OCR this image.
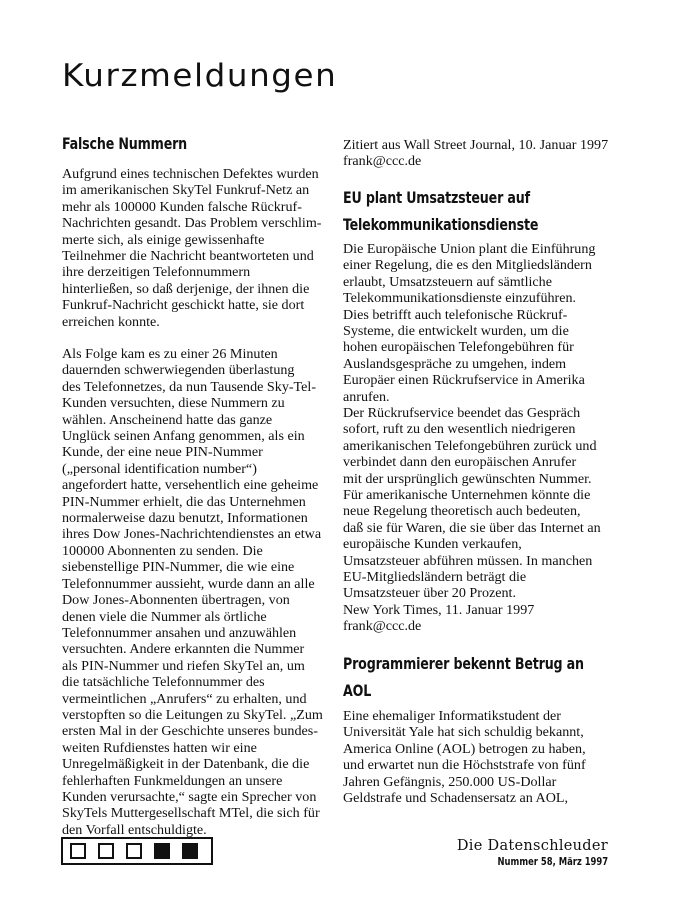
Kurzmeldungen
Falsche Nummern
Aufgrund eines technischen Defektes wurden
im amerikanischen SkyTel Funkruf-Netz an
mehr als 100000 Kunden falsche Rückruf-
Nachrichten gesandt. Das Problem verschlim-
merte sich, als einige gewissenhafte
Teilnehmer die Nachricht beantworteten und
ihre derzeitigen Telefonnummern
hinterließen, so daß derjenige, der ihnen die
Funkruf-Nachricht geschickt hatte, sie dort
erreichen konnte.
Als Folge kam es zu einer 26 Minuten
dauernden schwerwiegenden überlastung
des Telefonnetzes, da nun Tausende Sky-Tel-
Kunden versuchten, diese Nummern zu
wählen. Anscheinend hatte das ganze
Unglück seinen Anfang genommen, als ein
Kunde, der eine neue PIN-Nummer
(„personal identification number“)
angefordert hatte, versehentlich eine geheime
PIN-Nummer erhielt, die das Unternehmen
normalerweise dazu benutzt, Informationen
ihres Dow Jones-Nachrichtendienstes an etwa
100000 Abonnenten zu senden. Die
siebenstellige PIN-Nummer, die wie eine
Telefonnummer aussieht, wurde dann an alle
Dow Jones-Abonnenten übertragen, von
denen viele die Nummer als örtliche
Telefonnummer ansahen und anzuwählen
versuchten. Andere erkannten die Nummer
als PIN-Nummer und riefen SkyTel an, um
die tatsächliche Telefonnummer des
vermeintlichen „Anrufers“ zu erhalten, und
verstopften so die Leitungen zu SkyTel. „Zum
ersten Mal in der Geschichte unseres bundes-
weiten Rufdienstes hatten wir eine
Unregelmäßigkeit in der Datenbank, die die
fehlerhaften Funkmeldungen an unsere
Kunden verursachte,“ sagte ein Sprecher von
SkyTels Muttergesellschaft MTel, die sich für
den Vorfall entschuldigte.
Zitiert aus Wall Street Journal, 10. Januar 1997
frank@ccc.de
EU plant Umsatzsteuer auf
Telekommunikationsdienste
Die Europäische Union plant die Einführung
einer Regelung, die es den Mitgliedsländern
erlaubt, Umsatzsteuern auf sämtliche
Telekommunikationsdienste einzuführen.
Dies betrifft auch telefonische Rückruf-
Systeme, die entwickelt wurden, um die
hohen europäischen Telefongebühren für
Auslandsgespräche zu umgehen, indem
Europäer einen Rückrufservice in Amerika
anrufen.
Der Rückrufservice beendet das Gespräch
sofort, ruft zu den wesentlich niedrigeren
amerikanischen Telefongebühren zurück und
verbindet dann den europäischen Anrufer
mit der ursprünglich gewünschten Nummer.
Für amerikanische Unternehmen könnte die
neue Regelung theoretisch auch bedeuten,
daß sie für Waren, die sie über das Internet an
europäische Kunden verkaufen,
Umsatzsteuer abführen müssen. In manchen
EU-Mitgliedsländern beträgt die
Umsatzsteuer über 20 Prozent.
New York Times, 11. Januar 1997
frank@ccc.de
Programmierer bekennt Betrug an
AOL
Eine ehemaliger Informatikstudent der
Universität Yale hat sich schuldig bekannt,
America Online (AOL) betrogen zu haben,
und erwartet nun die Höchststrafe von fünf
Jahren Gefängnis, 250.000 US-Dollar
Geldstrafe und Schadensersatz an AOL,
Die Datenschleuder
Nummer 58, März 1997
